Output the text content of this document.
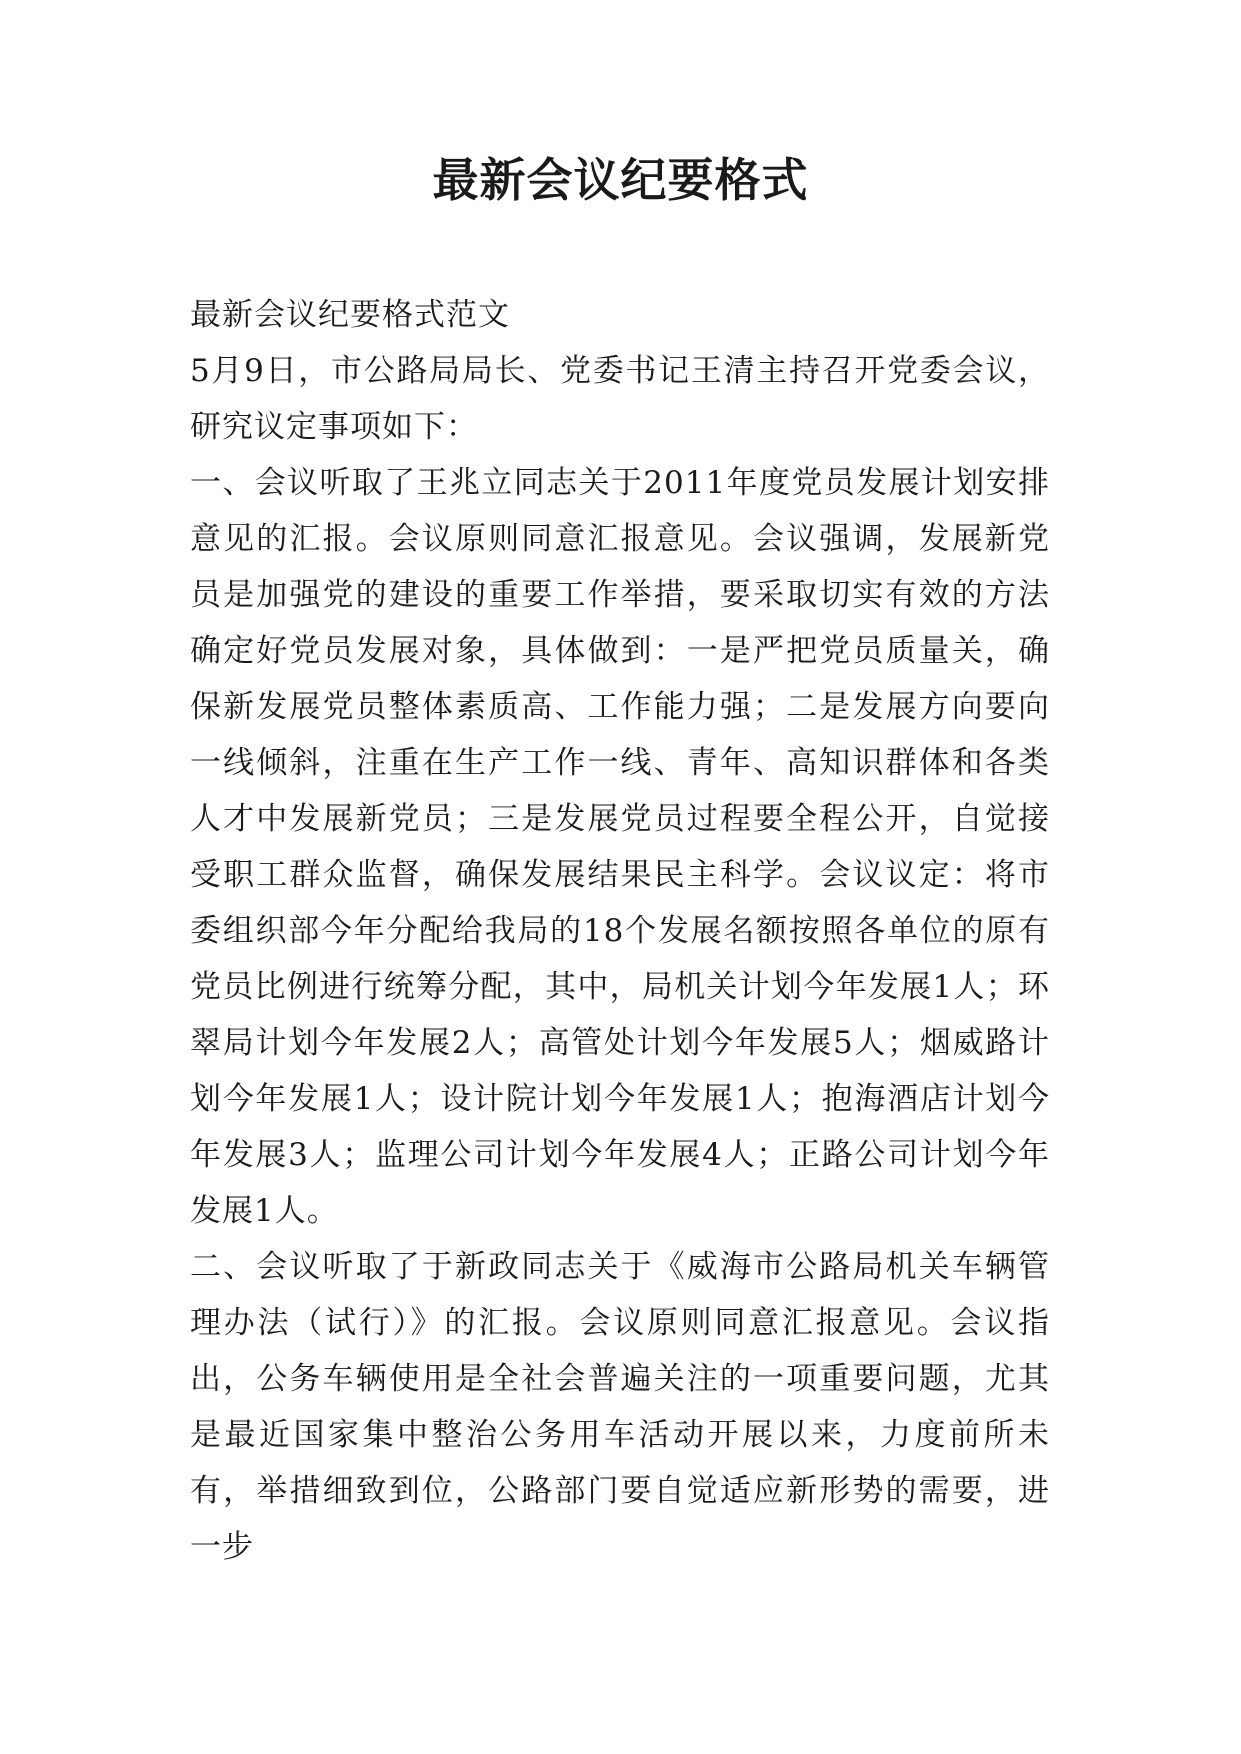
最新会议纪要格式

最新会议纪要格式范文

5月9日，市公路局局长、党委书记王清主持召开党委会议，研究议定事项如下：

一、会议听取了王兆立同志关于2011年度党员发展计划安排意见的汇报。会议原则同意汇报意见。会议强调，发展新党员是加强党的建设的重要工作举措，要采取切实有效的方法确定好党员发展对象，具体做到：一是严把党员质量关，确保新发展党员整体素质高、工作能力强；二是发展方向要向一线倾斜，注重在生产工作一线、青年、高知识群体和各类人才中发展新党员；三是发展党员过程要全程公开，自觉接受职工群众监督，确保发展结果民主科学。会议议定：将市委组织部今年分配给我局的18个发展名额按照各单位的原有党员比例进行统筹分配，其中，局机关计划今年发展1人；环翠局计划今年发展2人；高管处计划今年发展5人；烟威路计划今年发展1人；设计院计划今年发展1人；抱海酒店计划今年发展3人；监理公司计划今年发展4人；正路公司计划今年发展1人。

二、会议听取了于新政同志关于《威海市公路局机关车辆管理办法（试行）》的汇报。会议原则同意汇报意见。会议指出，公务车辆使用是全社会普遍关注的一项重要问题，尤其是最近国家集中整治公务用车活动开展以来，力度前所未有，举措细致到位，公路部门要自觉适应新形势的需要，进一步
